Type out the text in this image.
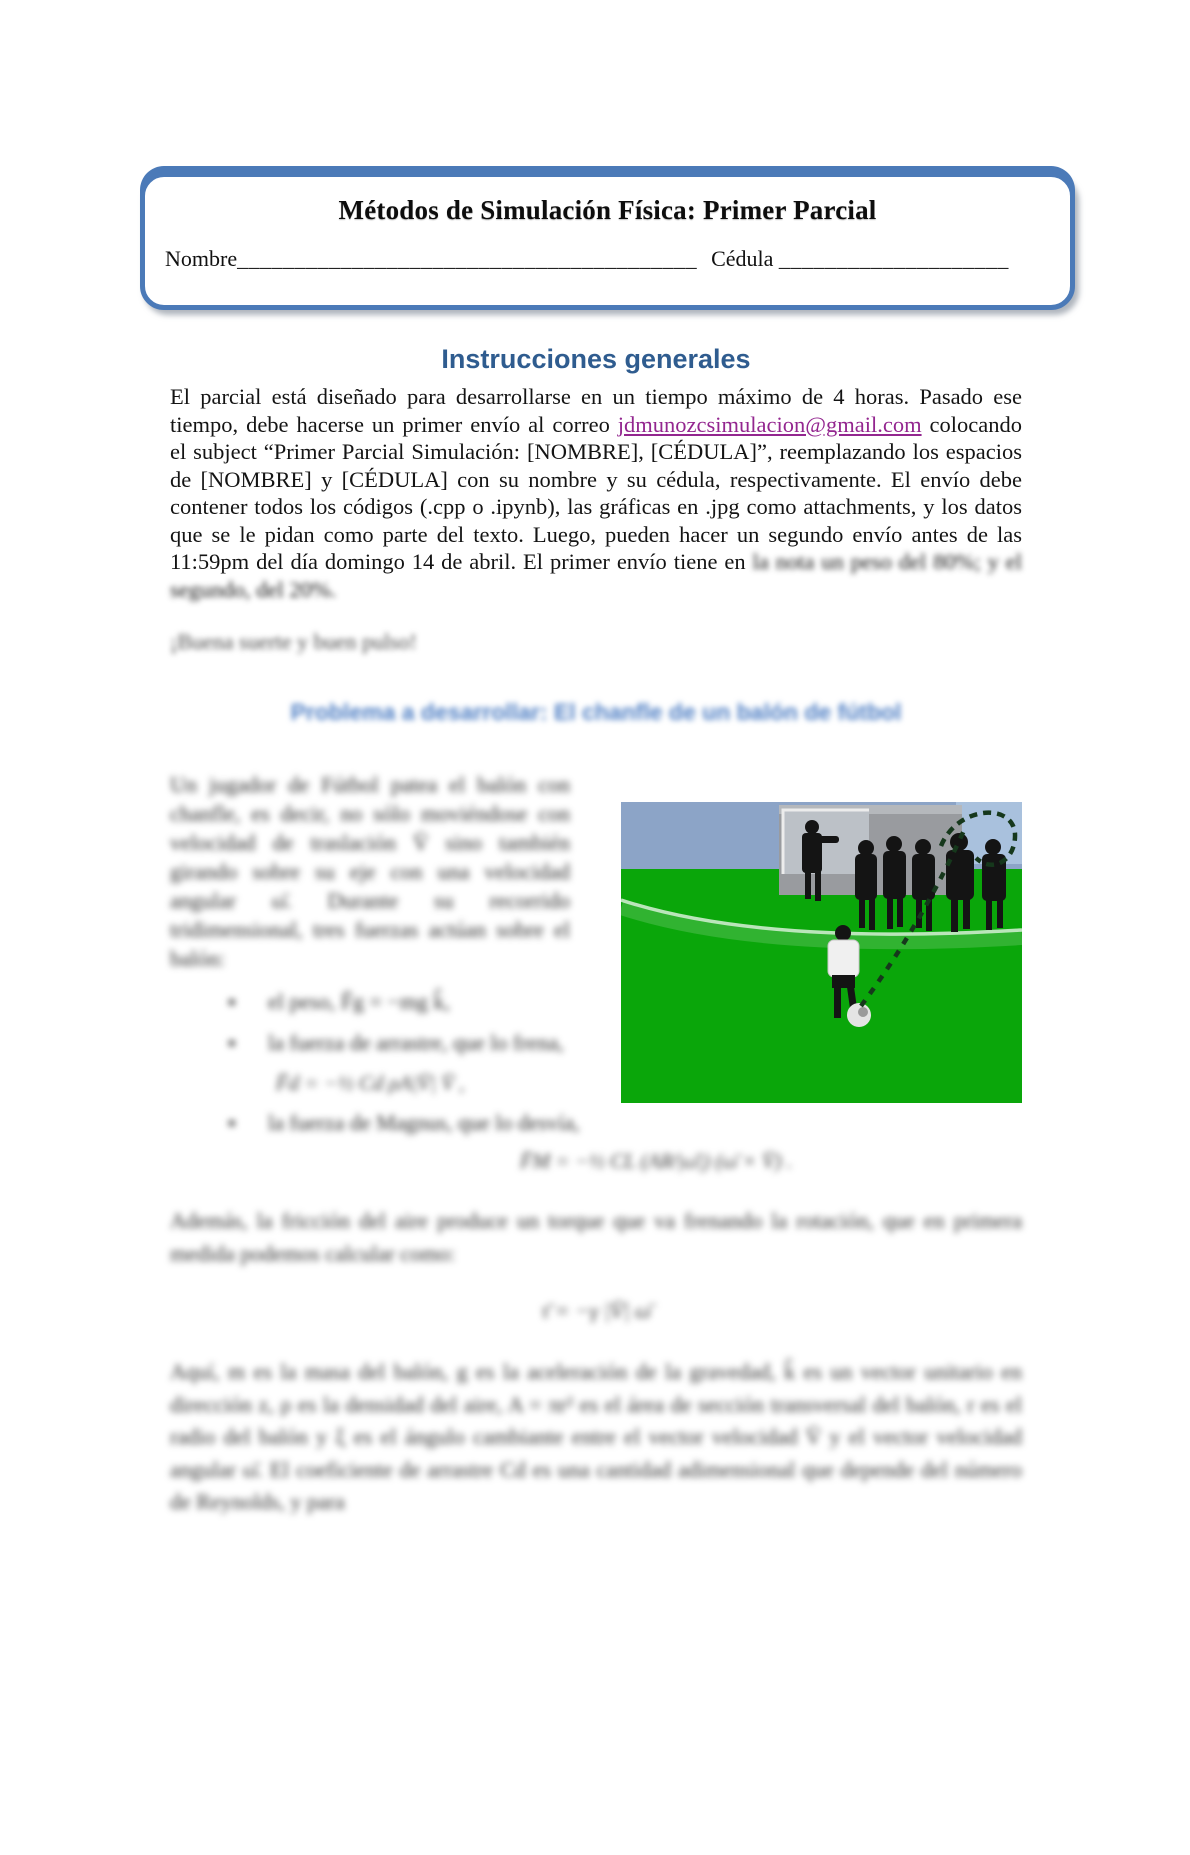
Métodos de Simulación Física: Primer Parcial
Nombre________________________________________ Cédula ____________________
Instrucciones generales

El parcial está diseñado para desarrollarse en un tiempo máximo de 4 horas. Pasado ese tiempo, debe hacerse un primer envío al correo jdmunozcsimulacion@gmail.com colocando el subject “Primer Parcial Simulación: [NOMBRE], [CÉDULA]”, reemplazando los espacios de [NOMBRE] y [CÉDULA] con su nombre y su cédula, respectivamente. El envío debe contener todos los códigos (.cpp o .ipynb), las gráficas en .jpg como attachments, y los datos que se le pidan como parte del texto. Luego, pueden hacer un segundo envío antes de las 11:59pm del día domingo 14 de abril. El primer envío tiene en la nota un peso del 80%; y el segundo, del 20%.

¡Buena suerte y buen pulso!
Problema a desarrollar: El chanfle de un balón de fútbol

Un jugador de Fútbol patea el balón con chanfle, es decir, no sólo moviéndose con velocidad de traslación V̄ sino también girando sobre su eje con una velocidad angular ω̄. Durante su recorrido tridimensional, tres fuerzas actúan sobre el balón:

▪	el peso, F̄g = −mg k̂,
▪	la fuerza de arrastre, que lo frena,
F̄d = −½ Cd ρA|V̄| V̄ ,
▪	la fuerza de Magnus, que lo desvía,
F̄M = −½ CL (AR⁄|ω̄|) (ω̄ × V̄) .

Además, la fricción del aire produce un torque que va frenando la rotación, que en primera medida podemos calcular como:

τ̄ = −γ |V̄| ω̄

Aquí, m es la masa del balón, g es la aceleración de la gravedad, k̂ es un vector unitario en dirección z, ρ es la densidad del aire, A = πr² es el área de sección transversal del balón, r es el radio del balón y ξ es el ángulo cambiante entre el vector velocidad V̄ y el vector velocidad angular ω̄. El coeficiente de arrastre Cd es una cantidad adimensional que depende del número de Reynolds, y para
